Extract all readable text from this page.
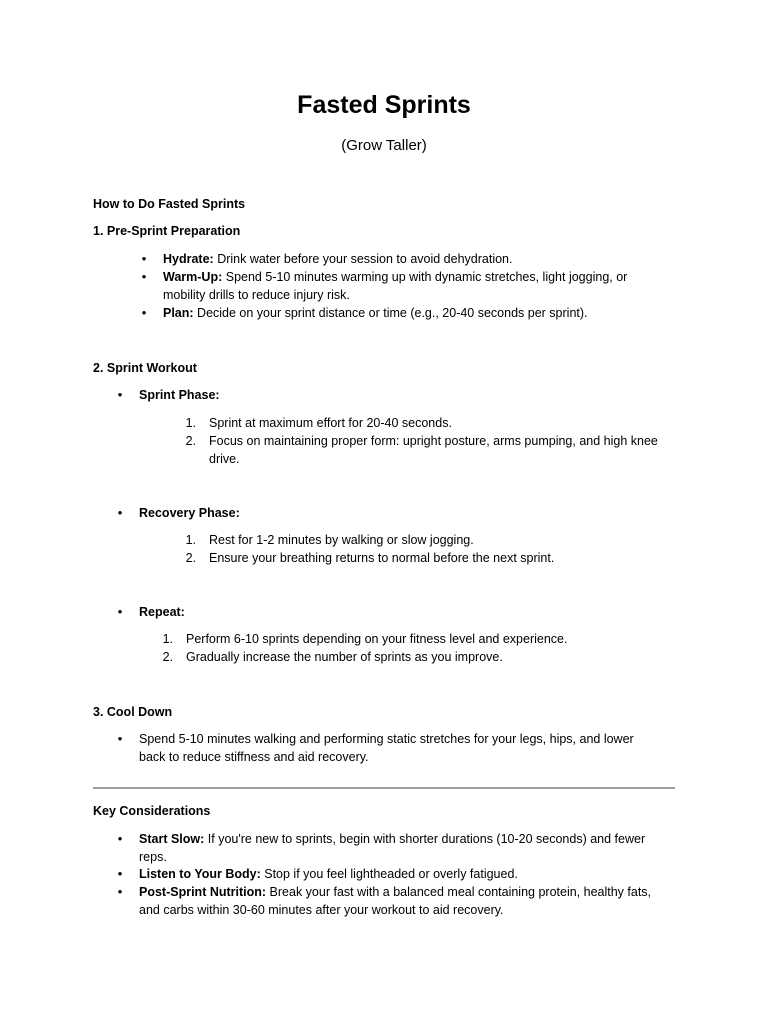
Fasted Sprints
(Grow Taller)
How to Do Fasted Sprints
1. Pre-Sprint Preparation
•	Hydrate: Drink water before your session to avoid dehydration.
•	Warm-Up: Spend 5-10 minutes warming up with dynamic stretches, light jogging, or mobility drills to reduce injury risk.
•	Plan: Decide on your sprint distance or time (e.g., 20-40 seconds per sprint).
2. Sprint Workout
•	Sprint Phase:
1. Sprint at maximum effort for 20-40 seconds.
2. Focus on maintaining proper form: upright posture, arms pumping, and high knee drive.
•	Recovery Phase:
1. Rest for 1-2 minutes by walking or slow jogging.
2. Ensure your breathing returns to normal before the next sprint.
•	Repeat:
1. Perform 6-10 sprints depending on your fitness level and experience.
2. Gradually increase the number of sprints as you improve.
3. Cool Down
•	Spend 5-10 minutes walking and performing static stretches for your legs, hips, and lower back to reduce stiffness and aid recovery.
Key Considerations
•	Start Slow: If you're new to sprints, begin with shorter durations (10-20 seconds) and fewer reps.
•	Listen to Your Body: Stop if you feel lightheaded or overly fatigued.
•	Post-Sprint Nutrition: Break your fast with a balanced meal containing protein, healthy fats, and carbs within 30-60 minutes after your workout to aid recovery.
